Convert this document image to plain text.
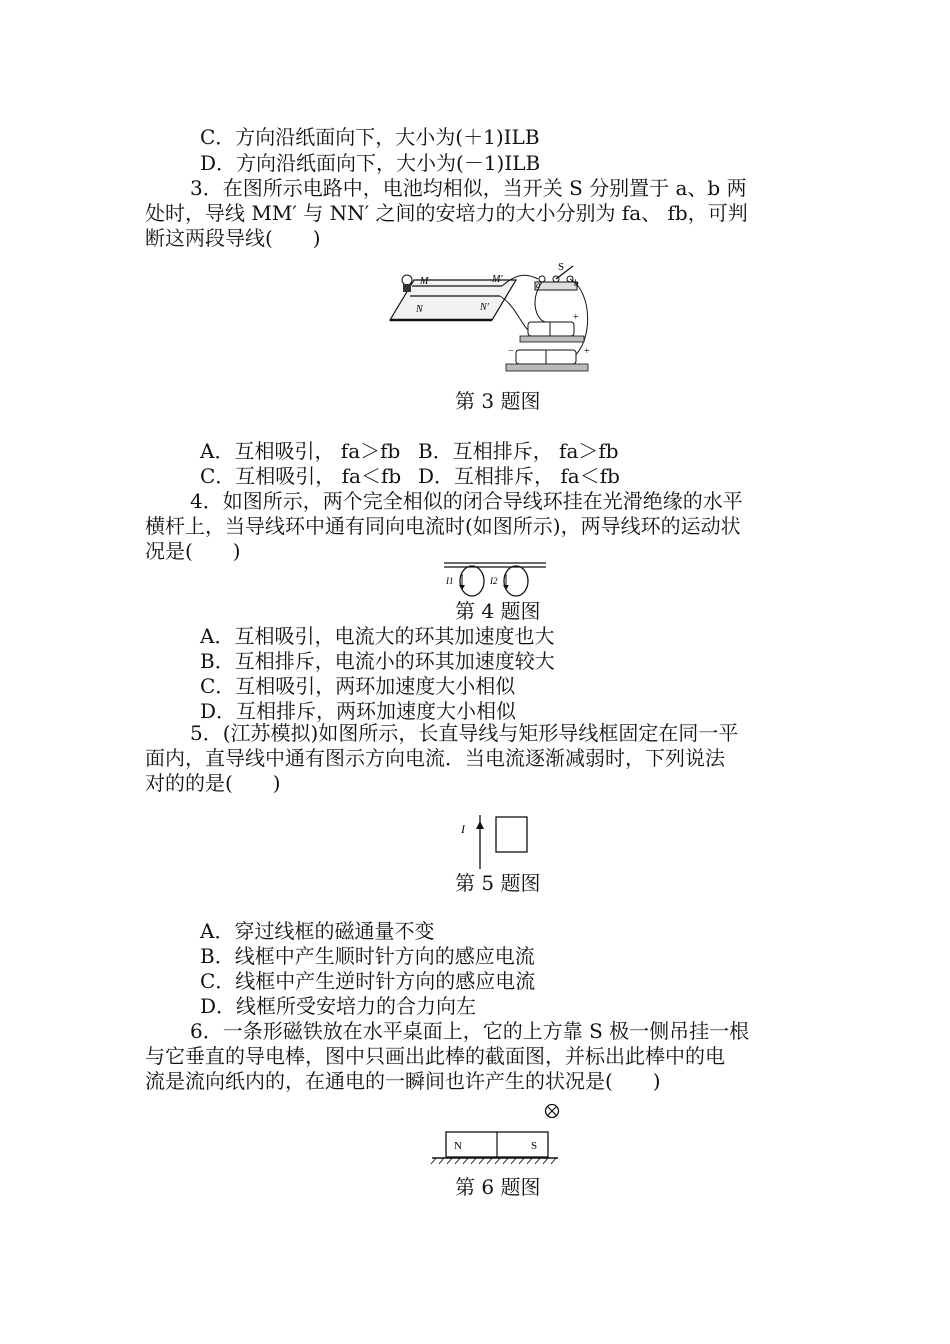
C．方向沿纸面向下，大小为(＋1)ILB
D．方向沿纸面向下，大小为(－1)ILB
3．在图所示电路中，电池均相似，当开关 S 分别置于 a、b 两
处时，导线 MM′ 与 NN′ 之间的安培力的大小分别为 fa、 fb，可判
断这两段导线(　　)
M	M′
N	N′
S
a	b
+
+
−
第 3 题图
A．互相吸引， fa＞fb B．互相排斥， fa＞fb
C．互相吸引， fa＜fb D．互相排斥， fa＜fb
4．如图所示，两个完全相似的闭合导线环挂在光滑绝缘的水平
横杆上，当导线环中通有同向电流时(如图所示)，两导线环的运动状
况是(　　)
I1	I2
第 4 题图
A．互相吸引，电流大的环其加速度也大
B．互相排斥，电流小的环其加速度较大
C．互相吸引，两环加速度大小相似
D．互相排斥，两环加速度大小相似
5．(江苏模拟)如图所示，长直导线与矩形导线框固定在同一平
面内，直导线中通有图示方向电流．当电流逐渐减弱时，下列说法
对的的是(　　)
I
第 5 题图
A．穿过线框的磁通量不变
B．线框中产生顺时针方向的感应电流
C．线框中产生逆时针方向的感应电流
D．线框所受安培力的合力向左
6．一条形磁铁放在水平桌面上，它的上方靠 S 极一侧吊挂一根
与它垂直的导电棒，图中只画出此棒的截面图，并标出此棒中的电
流是流向纸内的，在通电的一瞬间也许产生的状况是(　　)
N	S
第 6 题图
